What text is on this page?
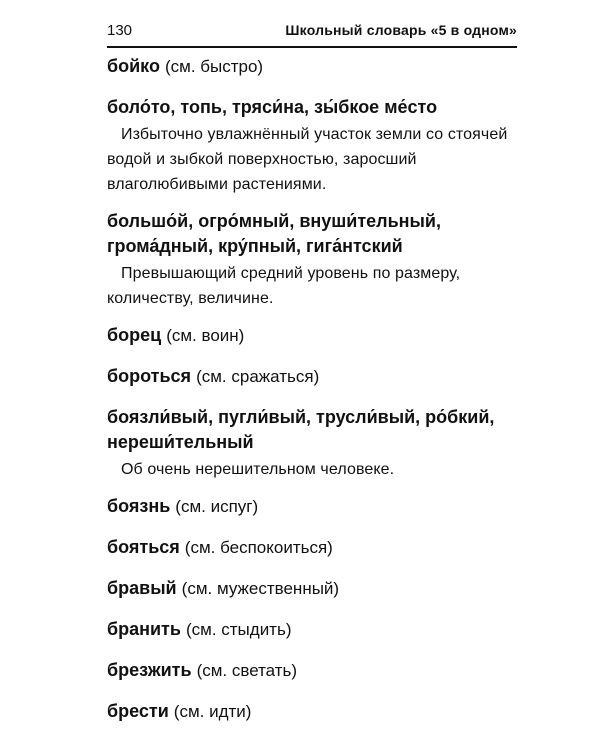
130	Школьный словарь «5 в одном»

бойко (см. быстро)

боло́то, топь, тряси́на, зы́бкое ме́сто

Избыточно увлажнённый участок земли со стоячей водой и зыбкой поверхностью, заросший влаголюбивыми растениями.

большо́й, огро́мный, внуши́тельный, грома́дный, кру́пный, гига́нтский

Превышающий средний уровень по размеру, количеству, величине.

борец (см. воин)

бороться (см. сражаться)

боязли́вый, пугли́вый, трусли́вый, ро́бкий, нереши́тельный

Об очень нерешительном человеке.

боязнь (см. испуг)

бояться (см. беспокоиться)

бравый (см. мужественный)

бранить (см. стыдить)

брезжить (см. светать)

брести (см. идти)
